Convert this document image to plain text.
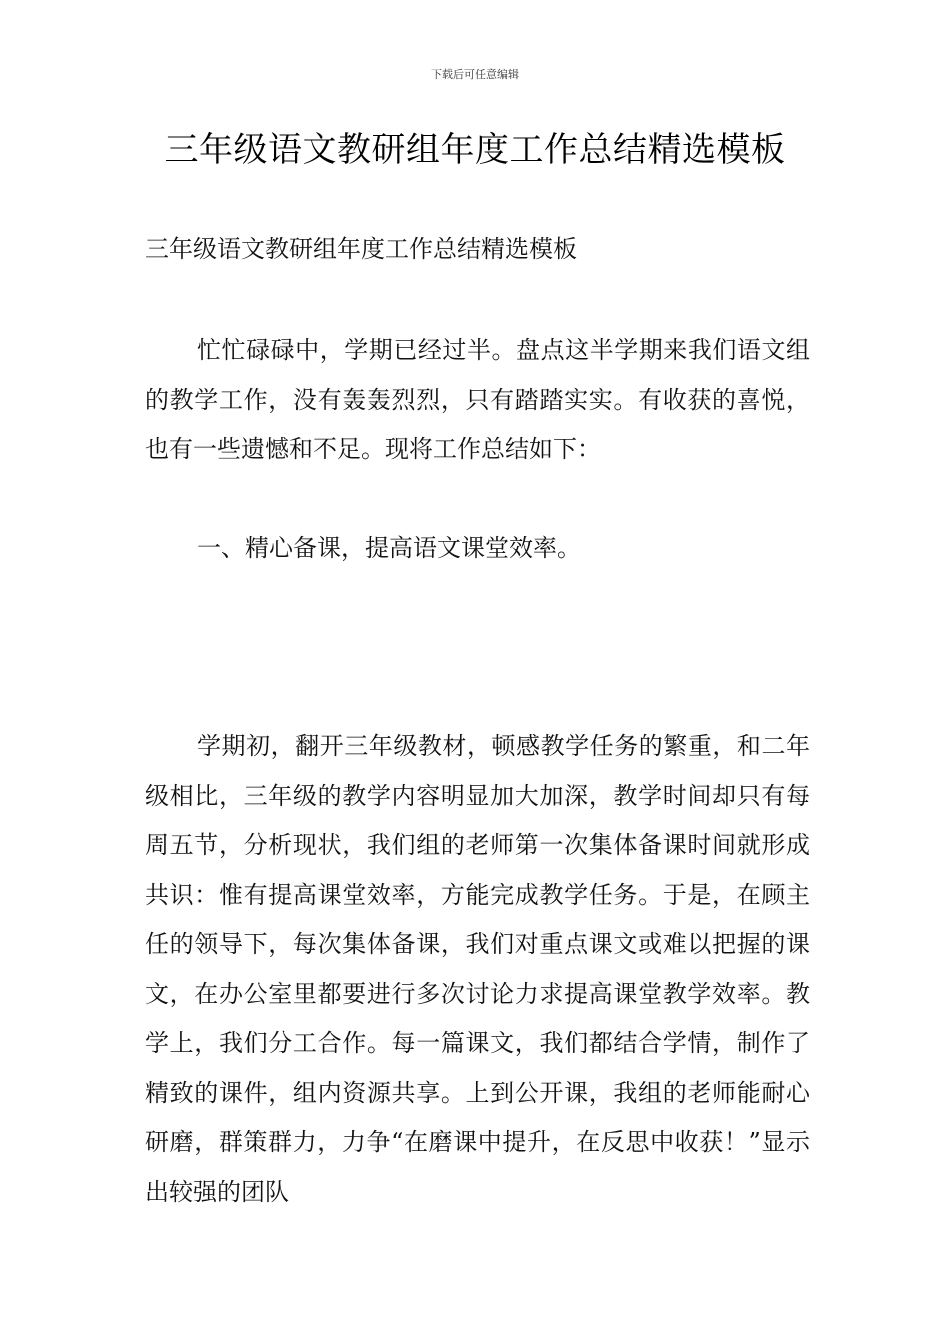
下载后可任意编辑
三年级语文教研组年度工作总结精选模板

三年级语文教研组年度工作总结精选模板

忙忙碌碌中，学期已经过半。盘点这半学期来我们语文组的教学工作，没有轰轰烈烈，只有踏踏实实。有收获的喜悦，也有一些遗憾和不足。现将工作总结如下：

一、精心备课，提高语文课堂效率。

学期初，翻开三年级教材，顿感教学任务的繁重，和二年级相比，三年级的教学内容明显加大加深，教学时间却只有每周五节，分析现状，我们组的老师第一次集体备课时间就形成共识：惟有提高课堂效率，方能完成教学任务。于是，在顾主任的领导下，每次集体备课，我们对重点课文或难以把握的课文，在办公室里都要进行多次讨论力求提高课堂教学效率。教学上，我们分工合作。每一篇课文，我们都结合学情，制作了精致的课件，组内资源共享。上到公开课，我组的老师能耐心研磨，群策群力，力争“在磨课中提升，在反思中收获！”显示出较强的团队
